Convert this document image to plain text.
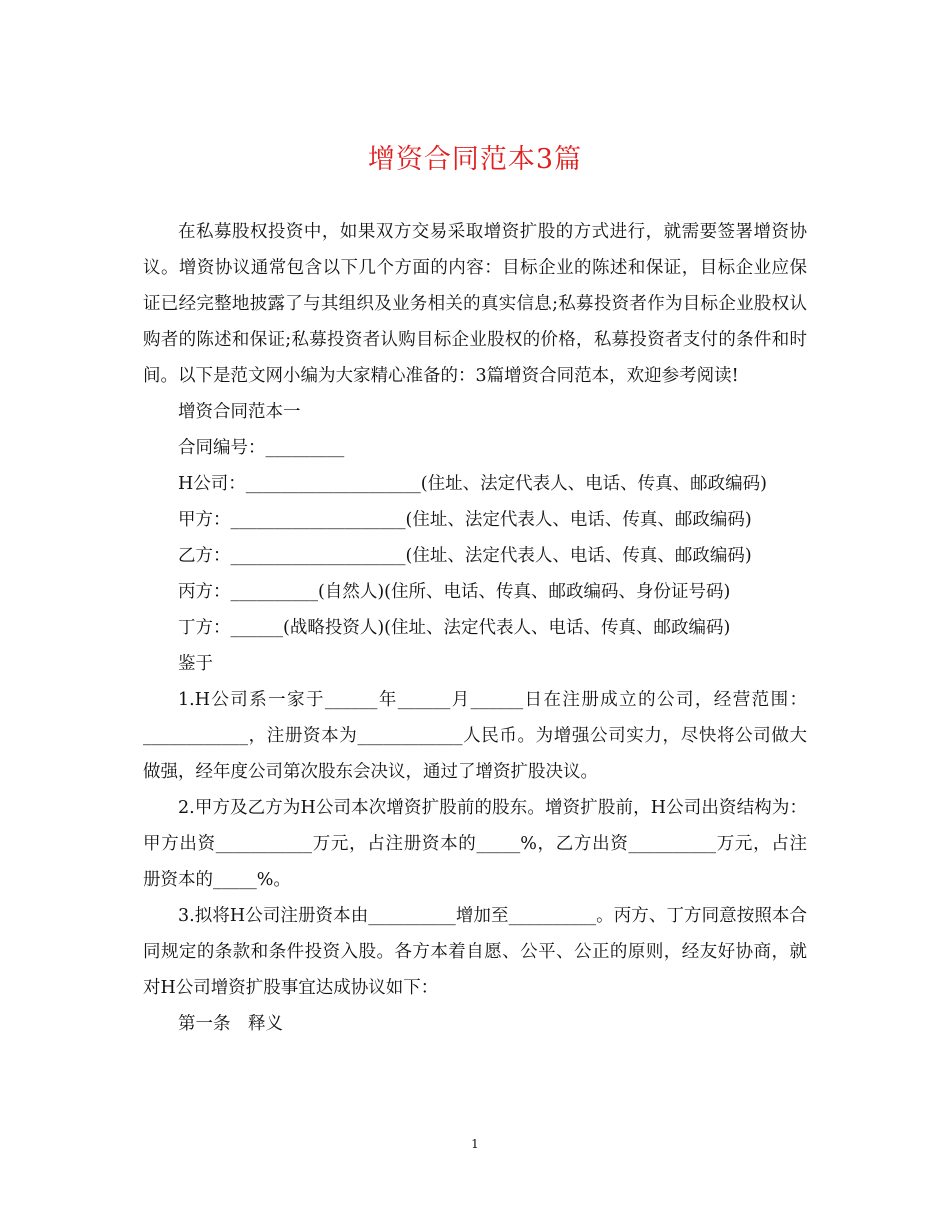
增资合同范本3篇

在私募股权投资中，如果双方交易采取增资扩股的方式进行，就需要签署增资协议。增资协议通常包含以下几个方面的内容：目标企业的陈述和保证，目标企业应保证已经完整地披露了与其组织及业务相关的真实信息;私募投资者作为目标企业股权认购者的陈述和保证;私募投资者认购目标企业股权的价格，私募投资者支付的条件和时间。以下是范文网小编为大家精心准备的：3篇增资合同范本，欢迎参考阅读!

增资合同范本一

合同编号：_________

H公司：____________________(住址、法定代表人、电话、传真、邮政编码)

甲方：____________________(住址、法定代表人、电话、传真、邮政编码)

乙方：____________________(住址、法定代表人、电话、传真、邮政编码)

丙方：__________(自然人)(住所、电话、传真、邮政编码、身份证号码)

丁方：______(战略投资人)(住址、法定代表人、电话、传真、邮政编码)

鉴于

1.H公司系一家于______年______月______日在注册成立的公司，经营范围：____________，注册资本为____________人民币。为增强公司实力，尽快将公司做大做强，经年度公司第次股东会决议，通过了增资扩股决议。

2.甲方及乙方为H公司本次增资扩股前的股东。增资扩股前，H公司出资结构为：甲方出资___________万元，占注册资本的_____%，乙方出资__________万元，占注册资本的_____%。

3.拟将H公司注册资本由__________增加至__________。丙方、丁方同意按照本合同规定的条款和条件投资入股。各方本着自愿、公平、公正的原则，经友好协商，就对H公司增资扩股事宜达成协议如下：

第一条　释义

1
